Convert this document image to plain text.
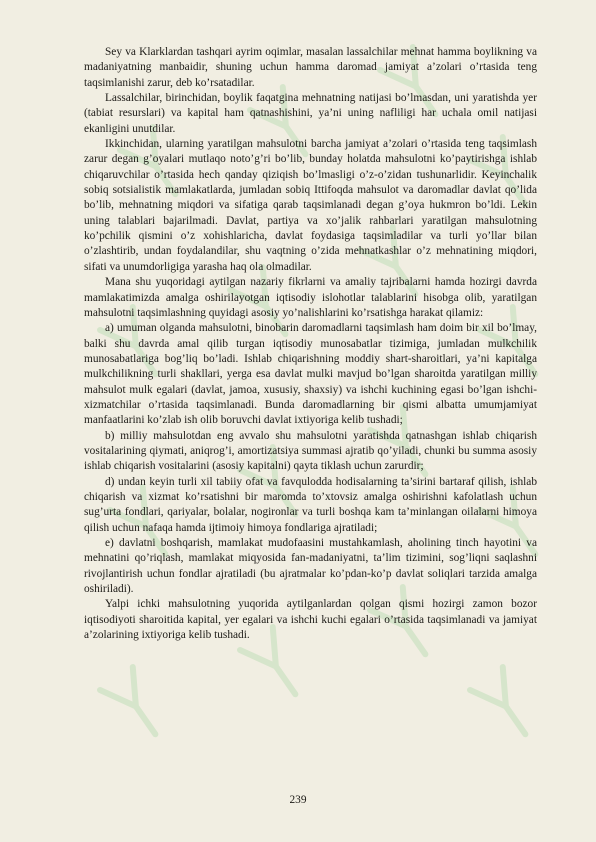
Sey va Klarklardan tashqari ayrim oqimlar, masalan lassalchilar mehnat hamma boylikning va madaniyatning manbaidir, shuning uchun hamma daromad jamiyat a’zolari o’rtasida teng taqsimlanishi zarur, deb ko’rsatadilar.

Lassalchilar, birinchidan, boylik faqatgina mehnatning natijasi bo’lmasdan, uni yaratishda yer (tabiat resurslari) va kapital ham qatnashishini, ya’ni uning nafliligi har uchala omil natijasi ekanligini unutdilar.

Ikkinchidan, ularning yaratilgan mahsulotni barcha jamiyat a’zolari o’rtasida teng taqsimlash zarur degan g’oyalari mutlaqo noto’g’ri bo’lib, bunday holatda mahsulotni ko’paytirishga ishlab chiqaruvchilar o’rtasida hech qanday qiziqish bo’lmasligi o’z-o’zidan tushunarlidir. Keyinchalik sobiq sotsialistik mamlakatlarda, jumladan sobiq Ittifoqda mahsulot va daromadlar davlat qo’lida bo’lib, mehnatning miqdori va sifatiga qarab taqsimlanadi degan g’oya hukmron bo’ldi. Lekin uning talablari bajarilmadi. Davlat, partiya va xo’jalik rahbarlari yaratilgan mahsulotning ko’pchilik qismini o’z xohishlaricha, davlat foydasiga taqsimladilar va turli yo’llar bilan o’zlashtirib, undan foydalandilar, shu vaqtning o’zida mehnatkashlar o’z mehnatining miqdori, sifati va unumdorligiga yarasha haq ola olmadilar.

Mana shu yuqoridagi aytilgan nazariy fikrlarni va amaliy tajribalarni hamda hozirgi davrda mamlakatimizda amalga oshirilayotgan iqtisodiy islohotlar talablarini hisobga olib, yaratilgan mahsulotni taqsimlashning quyidagi asosiy yo’nalishlarini ko’rsatishga harakat qilamiz:

a) umuman olganda mahsulotni, binobarin daromadlarni taqsimlash ham doim bir xil bo’lmay, balki shu davrda amal qilib turgan iqtisodiy munosabatlar tizimiga, jumladan mulkchilik munosabatlariga bog’liq bo’ladi. Ishlab chiqarishning moddiy shart-sharoitlari, ya’ni kapitalga mulkchilikning turli shakllari, yerga esa davlat mulki mavjud bo’lgan sharoitda yaratilgan milliy mahsulot mulk egalari (davlat, jamoa, xususiy, shaxsiy) va ishchi kuchining egasi bo’lgan ishchi-xizmatchilar o’rtasida taqsimlanadi. Bunda daromadlarning bir qismi albatta umumjamiyat manfaatlarini ko’zlab ish olib boruvchi davlat ixtiyoriga kelib tushadi;

b) milliy mahsulotdan eng avvalo shu mahsulotni yaratishda qatnashgan ishlab chiqarish vositalarining qiymati, aniqrog’i, amortizatsiya summasi ajratib qo’yiladi, chunki bu summa asosiy ishlab chiqarish vositalarini (asosiy kapitalni) qayta tiklash uchun zarurdir;

d) undan keyin turli xil tabiiy ofat va favqulodda hodisalarning ta’sirini bartaraf qilish, ishlab chiqarish va xizmat ko’rsatishni bir maromda to’xtovsiz amalga oshirishni kafolatlash uchun sug’urta fondlari, qariyalar, bolalar, nogironlar va turli boshqa kam ta’minlangan oilalarni himoya qilish uchun nafaqa hamda ijtimoiy himoya fondlariga ajratiladi;

e) davlatni boshqarish, mamlakat mudofaasini mustahkamlash, aholining tinch hayotini va mehnatini qo’riqlash, mamlakat miqyosida fan-madaniyatni, ta’lim tizimini, sog’liqni saqlashni rivojlantirish uchun fondlar ajratiladi (bu ajratmalar ko’pdan-ko’p davlat soliqlari tarzida amalga oshiriladi).

Yalpi ichki mahsulotning yuqorida aytilganlardan qolgan qismi hozirgi zamon bozor iqtisodiyoti sharoitida kapital, yer egalari va ishchi kuchi egalari o’rtasida taqsimlanadi va jamiyat a’zolarining ixtiyoriga kelib tushadi.

239
